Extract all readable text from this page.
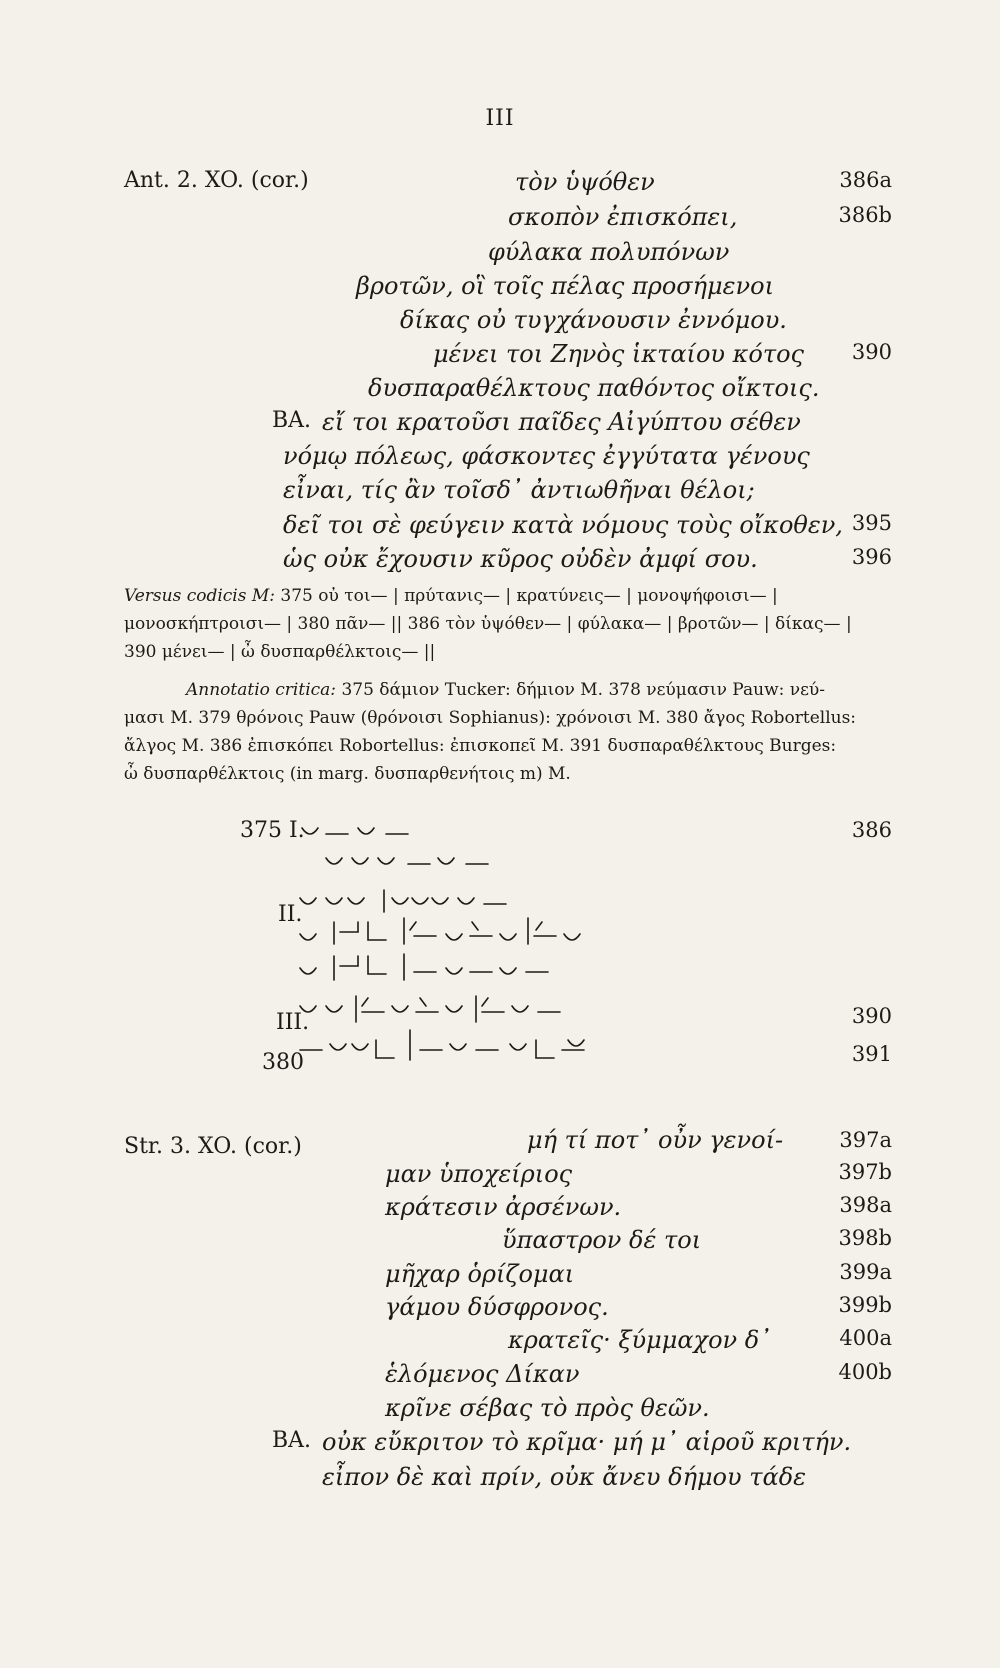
III
Ant. 2. XO. (cor.)	τὸν ὑψόθεν	386a
σκοπὸν ἐπισκόπει,	386b
φύλακα πολυπόνων
βροτῶν, οἳ τοῖς πέλας προσήμενοι
δίκας οὐ τυγχάνουσιν ἐννόμου.
μένει τοι Ζηνὸς ἱκταίου κότος 390
δυσπαραθέλκτους παθόντος οἴκτοις.
ΒΑ. εἴ τοι κρατοῦσι παῖδες Αἰγύπτου σέθεν
νόμῳ πόλεως, φάσκοντες ἐγγύτατα γένους
εἶναι, τίς ἂν τοῖσδ᾽ ἀντιωθῆναι θέλοι;
δεῖ τοι σὲ φεύγειν κατὰ νόμους τοὺς οἴκοθεν, 395
ὡς οὐκ ἔχουσιν κῦρος οὐδὲν ἀμφί σου.	396
Versus codicis M: 375 οὐ τοι— | πρύτανις— | κρατύνεις— | μονοψήφοισι— |
μονοσκήπτροισι— | 380 πᾶν— || 386 τὸν ὑψόθεν— | φύλακα— | βροτῶν— | δίκας— |
390 μένει— | ὦ δυσπαρθέλκτοις— ||
Annotatio critica: 375 δάμιον Tucker: δήμιον M. 378 νεύμασιν Pauw: νεύ-
μασι M. 379 θρόνοις Pauw (θρόνοισι Sophianus): χρόνοισι M. 380 ἄγος Robortellus:
ἄλγος M. 386 ἐπισκόπει Robortellus: ἐπισκοπεῖ M. 391 δυσπαραθέλκτους Burges:
ὦ δυσπαρθέλκτοις (in marg. δυσπαρθενήτοις m) M.
375 I.	386
II.
III.	390
380	391
Str. 3. XO. (cor.)	μή τί ποτ᾽ οὖν γενοί-	397a
μαν ὑποχείριος	397b
κράτεσιν ἀρσένων.	398a
ὕπαστρον δέ τοι	398b
μῆχαρ ὁρίζομαι	399a
γάμου δύσφρονος.	399b
κρατεῖς· ξύμμαχον δ᾽	400a
ἑλόμενος Δίκαν	400b
κρῖνε σέβας τὸ πρὸς θεῶν.
ΒΑ. οὐκ εὔκριτον τὸ κρῖμα· μή μ᾽ αἱροῦ κριτήν.
εἶπον δὲ καὶ πρίν, οὐκ ἄνευ δήμου τάδε
